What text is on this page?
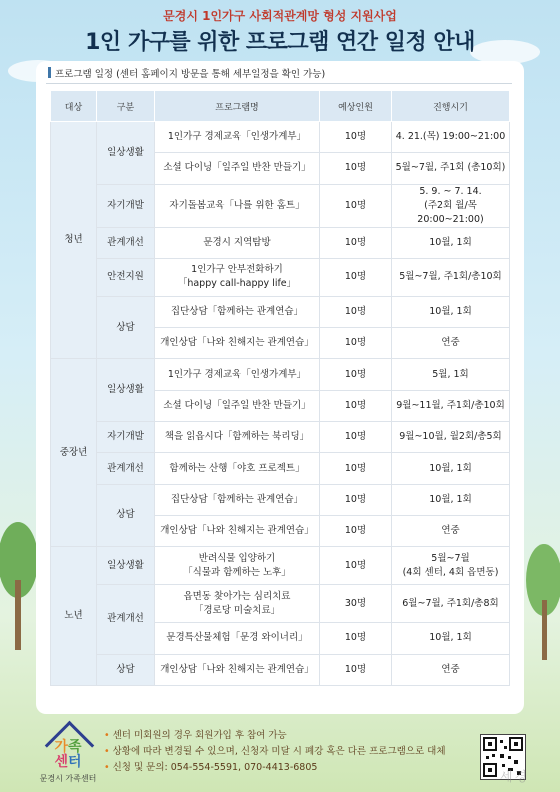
문경시 1인가구 사회적관계망 형성 지원사업
1인 가구를 위한 프로그램 연간 일정 안내
프로그램 일정 (센터 홈페이지 방문을 통해 세부일정을 확인 가능)
대상	구분	프로그램명	예상인원	진행시기
청년	일상생활	1인가구 경제교육「인생가계부」	10명	4. 21.(목) 19:00~21:00

		소셜 다이닝「일주일 반찬 만들기」	10명	5월~7월, 주1회 (총10회)

	자기개발	자기돌봄교육「나를 위한 홈트」	10명	5. 9. ~ 7. 14.
(주2회 월/목 20:00~21:00)

	관계개선	문경시 지역탐방	10명	10월, 1회

	안전지원	1인가구 안부전화하기
「happy call-happy life」	10명	5월~7월, 주1회/총10회

	상담	집단상담「함께하는 관계연습」	10명	10월, 1회

		개인상담「나와 친해지는 관계연습」	10명	연중

중장년	일상생활	1인가구 경제교육「인생가계부」	10명	5월, 1회

		소셜 다이닝「일주일 반찬 만들기」	10명	9월~11월, 주1회/총10회

	자기개발	책을 읽읍시다「함께하는 북리딩」	10명	9월~10월, 월2회/총5회

	관계개선	함께하는 산행「야호 프로젝트」	10명	10월, 1회

	상담	집단상담「함께하는 관계연습」	10명	10월, 1회

		개인상담「나와 친해지는 관계연습」	10명	연중

노년	일상생활	반려식물 입양하기
「식물과 함께하는 노후」	10명	5월~7월
(4회 센터, 4회 읍면동)

	관계개선	읍면동 찾아가는 심리치료
「경로당 미술치료」	30명	6월~7월, 주1회/총8회

		문경특산물체험「문경 와이너리」	10명	10월, 1회

	상담	개인상담「나와 친해지는 관계연습」	10명	연중
가족
센터
문경시 가족센터
• 센터 미회원의 경우 회원가입 후 참여 가능
• 상황에 따라 변경될 수 있으며, 신청자 미달 시 폐강 혹은 다른 프로그램으로 대체
• 신청 및 문의: 054-554-5591, 070-4413-6805
세경
